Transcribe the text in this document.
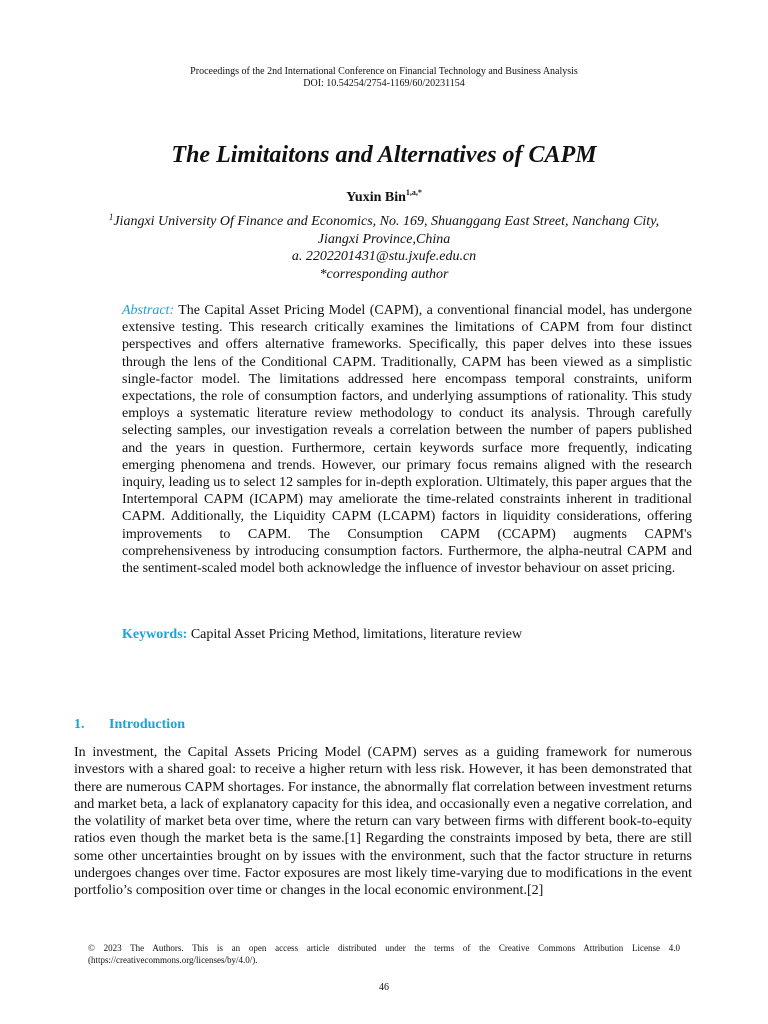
Proceedings of the 2nd International Conference on Financial Technology and Business Analysis
DOI: 10.54254/2754-1169/60/20231154
The Limitaitons and Alternatives of CAPM
Yuxin Bin$^{1,a,*}$
$^1$Jiangxi University Of Finance and Economics, No. 169, Shuanggang East Street, Nanchang City,
Jiangxi Province,China
a. 2202201431@stu.jxufe.edu.cn
*corresponding author

Abstract: The Capital Asset Pricing Model (CAPM), a conventional financial model, has undergone extensive testing. This research critically examines the limitations of CAPM from four distinct perspectives and offers alternative frameworks. Specifically, this paper delves into these issues through the lens of the Conditional CAPM. Traditionally, CAPM has been viewed as a simplistic single-factor model. The limitations addressed here encompass temporal constraints, uniform expectations, the role of consumption factors, and underlying assumptions of rationality. This study employs a systematic literature review methodology to conduct its analysis. Through carefully selecting samples, our investigation reveals a correlation between the number of papers published and the years in question. Furthermore, certain keywords surface more frequently, indicating emerging phenomena and trends. However, our primary focus remains aligned with the research inquiry, leading us to select 12 samples for in-depth exploration. Ultimately, this paper argues that the Intertemporal CAPM (ICAPM) may ameliorate the time-related constraints inherent in traditional CAPM. Additionally, the Liquidity CAPM (LCAPM) factors in liquidity considerations, offering improvements to CAPM. The Consumption CAPM (CCAPM) augments CAPM's comprehensiveness by introducing consumption factors. Furthermore, the alpha-neutral CAPM and the sentiment-scaled model both acknowledge the influence of investor behaviour on asset pricing.

Keywords: Capital Asset Pricing Method, limitations, literature review

1. Introduction

In investment, the Capital Assets Pricing Model (CAPM) serves as a guiding framework for numerous investors with a shared goal: to receive a higher return with less risk. However, it has been demonstrated that there are numerous CAPM shortages. For instance, the abnormally flat correlation between investment returns and market beta, a lack of explanatory capacity for this idea, and occasionally even a negative correlation, and the volatility of market beta over time, where the return can vary between firms with different book-to-equity ratios even though the market beta is the same.[1] Regarding the constraints imposed by beta, there are still some other uncertainties brought on by issues with the environment, such that the factor structure in returns undergoes changes over time. Factor exposures are most likely time-varying due to modifications in the event portfolio’s composition over time or changes in the local economic environment.[2]

© 2023 The Authors. This is an open access article distributed under the terms of the Creative Commons Attribution License 4.0 (https://creativecommons.org/licenses/by/4.0/).

46
